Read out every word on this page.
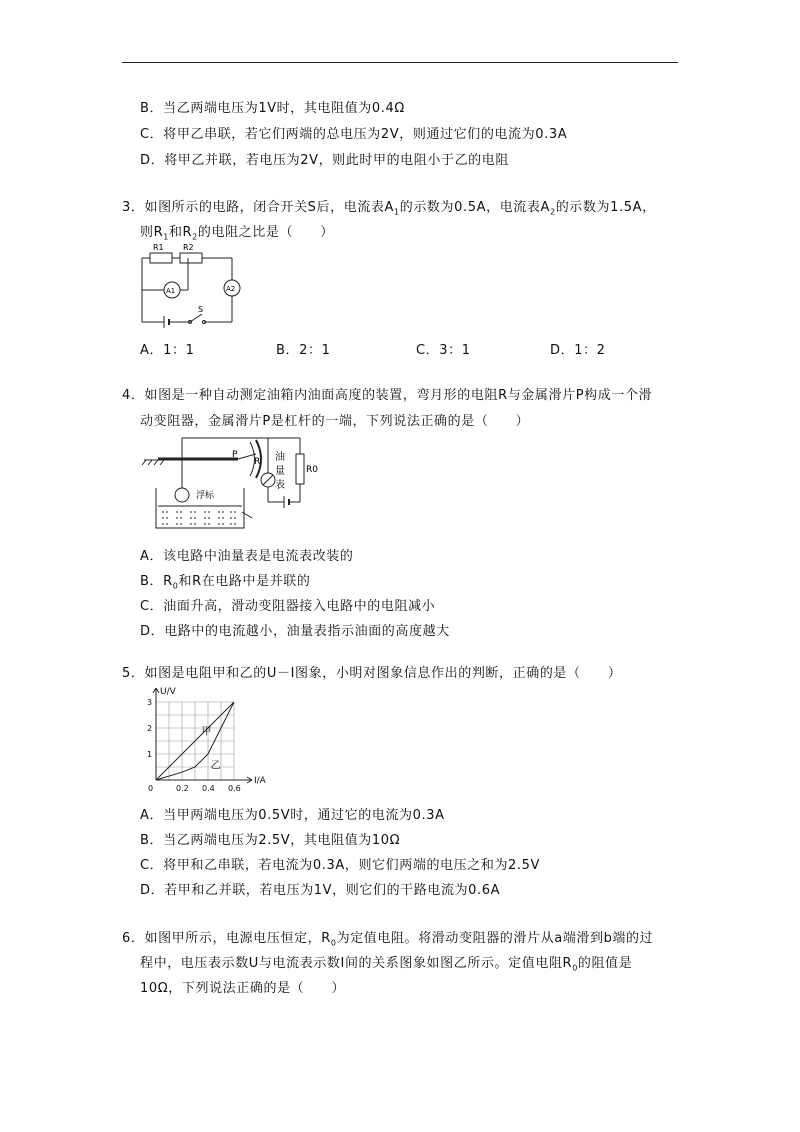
B．当乙两端电压为1V时，其电阻值为0.4Ω
C．将甲乙串联，若它们两端的总电压为2V，则通过它们的电流为0.3A
D．将甲乙并联，若电压为2V，则此时甲的电阻小于乙的电阻
3．如图所示的电路，闭合开关S后，电流表$A_1$的示数为0.5A，电流表$A_2$的示数为1.5A，
则$R_1$和$R_2$的电阻之比是（　　）
R1 R2
A1	A2
S
A．1：1	B．2：1	C．3：1	D．1：2
4．如图是一种自动测定油箱内油面高度的装置，弯月形的电阻R与金属滑片P构成一个滑
动变阻器，金属滑片P是杠杆的一端，下列说法正确的是（　　）
P
R 油
量
表
R0
浮标
A．该电路中油量表是电流表改装的
B．$R_0$和R在电路中是并联的
C．油面升高，滑动变阻器接入电路中的电阻减小
D．电路中的电流越小，油量表指示油面的高度越大
5．如图是电阻甲和乙的U－I图象，小明对图象信息作出的判断，正确的是（　　）
0.2 0.4 0.6
1
2
3
0
I/A
U/V
甲
乙
A．当甲两端电压为0.5V时，通过它的电流为0.3A
B．当乙两端电压为2.5V，其电阻值为10Ω
C．将甲和乙串联，若电流为0.3A，则它们两端的电压之和为2.5V
D．若甲和乙并联，若电压为1V，则它们的干路电流为0.6A
6．如图甲所示，电源电压恒定，$R_0$为定值电阻。将滑动变阻器的滑片从a端滑到b端的过
程中，电压表示数U与电流表示数I间的关系图象如图乙所示。定值电阻$R_0$的阻值是
10Ω，下列说法正确的是（　　）
